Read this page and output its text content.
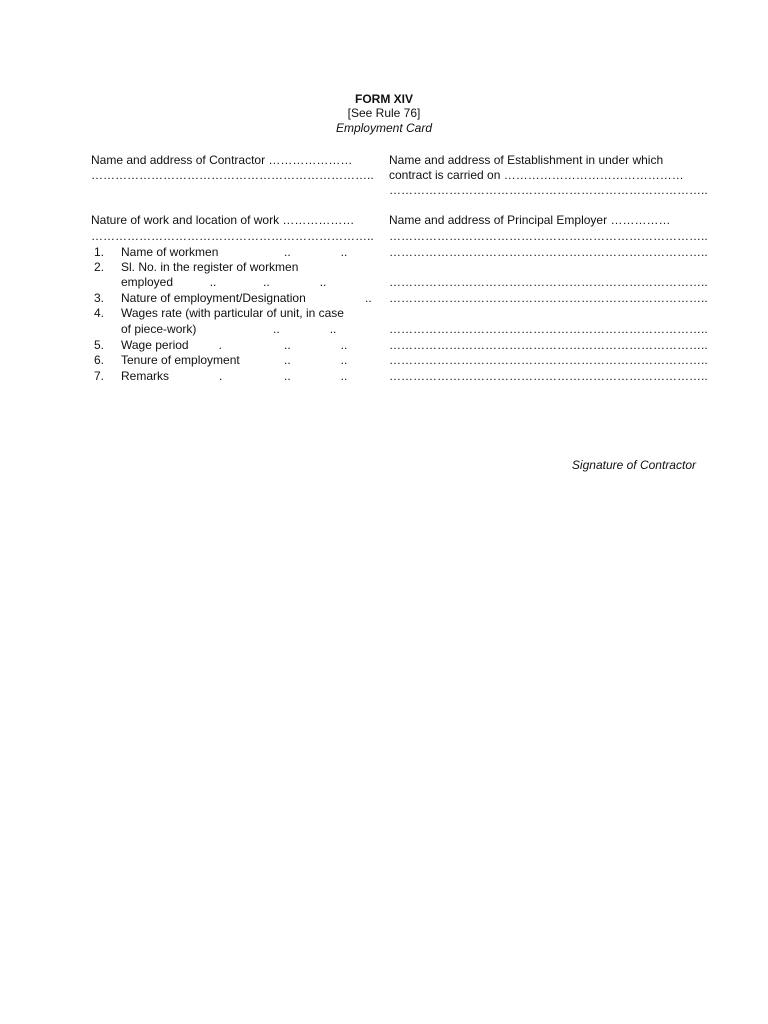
FORM XIV
[See Rule 76]
Employment Card
Name and address of Contractor …………………
……………………………………………………………..
Name and address of Establishment in under which
contract is carried on ………………………………………
……………………………………………………………………..
Nature of work and location of work ………………
……………………………………………………………..
Name and address of Principal Employer ……………
……………………………………………………………………..
1. Name of workmen	..               ..	……………………………………………………………………..
2. Sl. No. in the register of workmen
employed           ..              ..               ..	……………………………………………………………………..
3. Nature of employment/Designation	.. ……………………………………………………………………..
4. Wages rate (with particular of unit, in case
of piece-work)                       ..               ..	……………………………………………………………………..
5. Wage period         .	..               ..	……………………………………………………………………..
6. Tenure of employment	..               ..	……………………………………………………………………..
7. Remarks               .	..               ..	……………………………………………………………………..
Signature of Contractor
